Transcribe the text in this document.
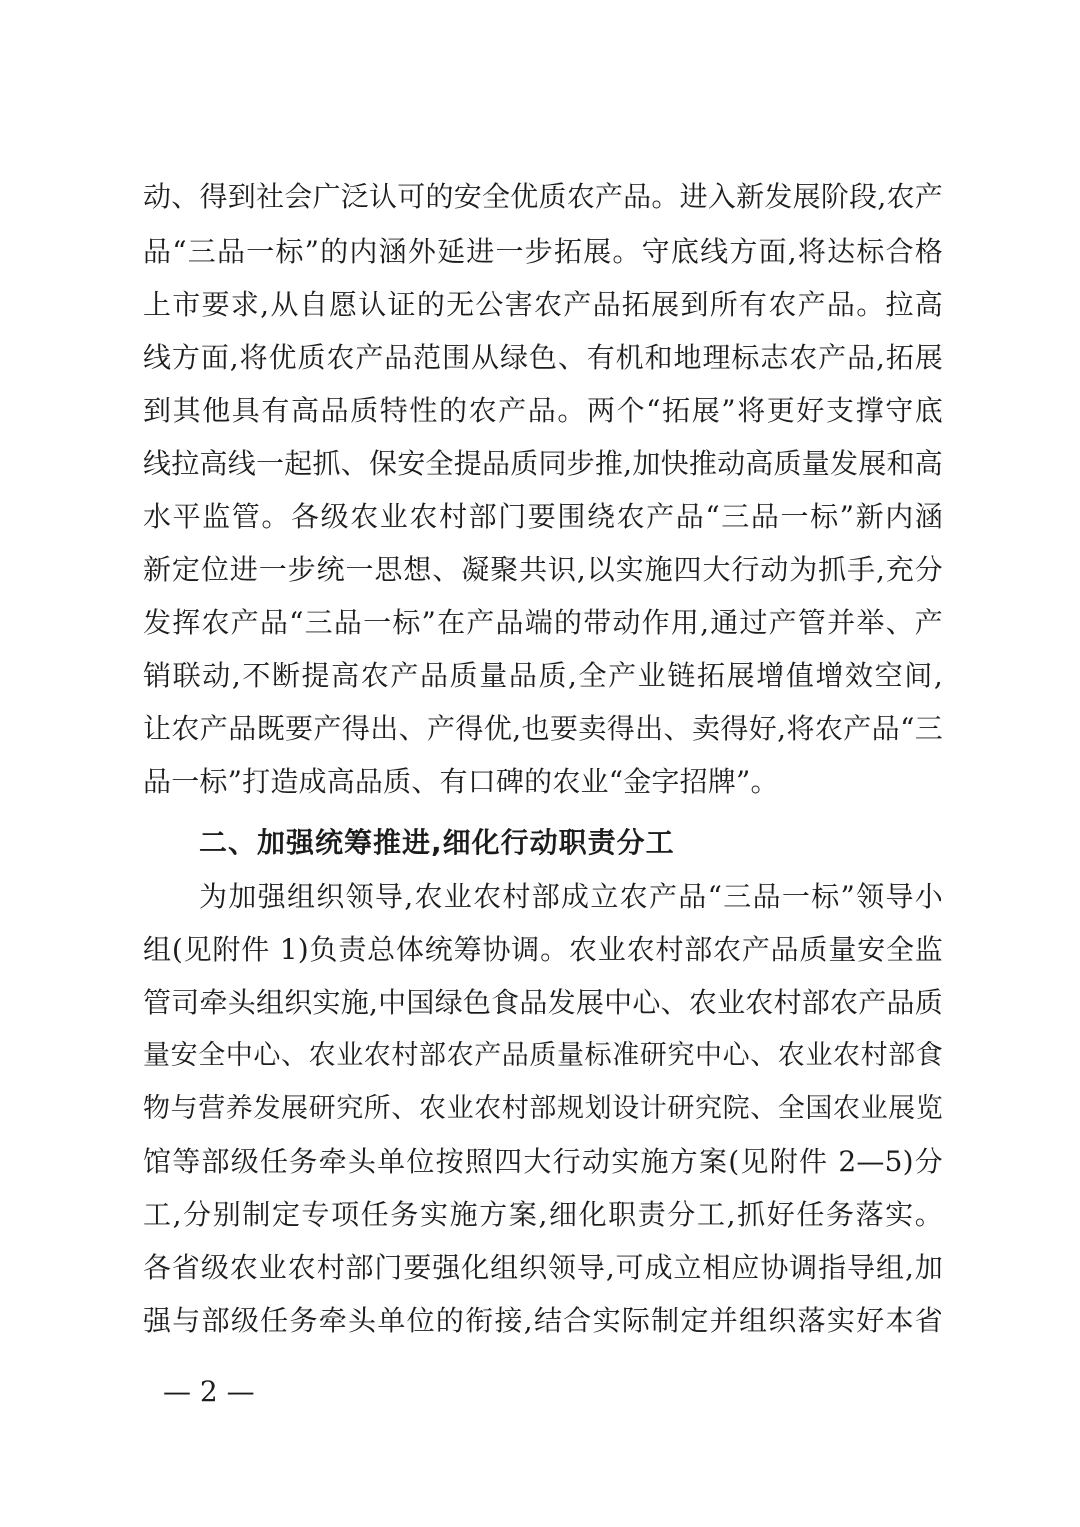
动、得到社会广泛认可的安全优质农产品。进入新发展阶段,农产
品“三品一标”的内涵外延进一步拓展。守底线方面,将达标合格
上市要求,从自愿认证的无公害农产品拓展到所有农产品。拉高
线方面,将优质农产品范围从绿色、有机和地理标志农产品,拓展
到其他具有高品质特性的农产品。两个“拓展”将更好支撑守底
线拉高线一起抓、保安全提品质同步推,加快推动高质量发展和高
水平监管。各级农业农村部门要围绕农产品“三品一标”新内涵
新定位进一步统一思想、凝聚共识,以实施四大行动为抓手,充分
发挥农产品“三品一标”在产品端的带动作用,通过产管并举、产
销联动,不断提高农产品质量品质,全产业链拓展增值增效空间,
让农产品既要产得出、产得优,也要卖得出、卖得好,将农产品“三
品一标”打造成高品质、有口碑的农业“金字招牌”。
二、加强统筹推进,细化行动职责分工
为加强组织领导,农业农村部成立农产品“三品一标”领导小
组(见附件 1)负责总体统筹协调。农业农村部农产品质量安全监
管司牵头组织实施,中国绿色食品发展中心、农业农村部农产品质
量安全中心、农业农村部农产品质量标准研究中心、农业农村部食
物与营养发展研究所、农业农村部规划设计研究院、全国农业展览
馆等部级任务牵头单位按照四大行动实施方案(见附件 2—5)分
工,分别制定专项任务实施方案,细化职责分工,抓好任务落实。
各省级农业农村部门要强化组织领导,可成立相应协调指导组,加
强与部级任务牵头单位的衔接,结合实际制定并组织落实好本省
— 2 —
